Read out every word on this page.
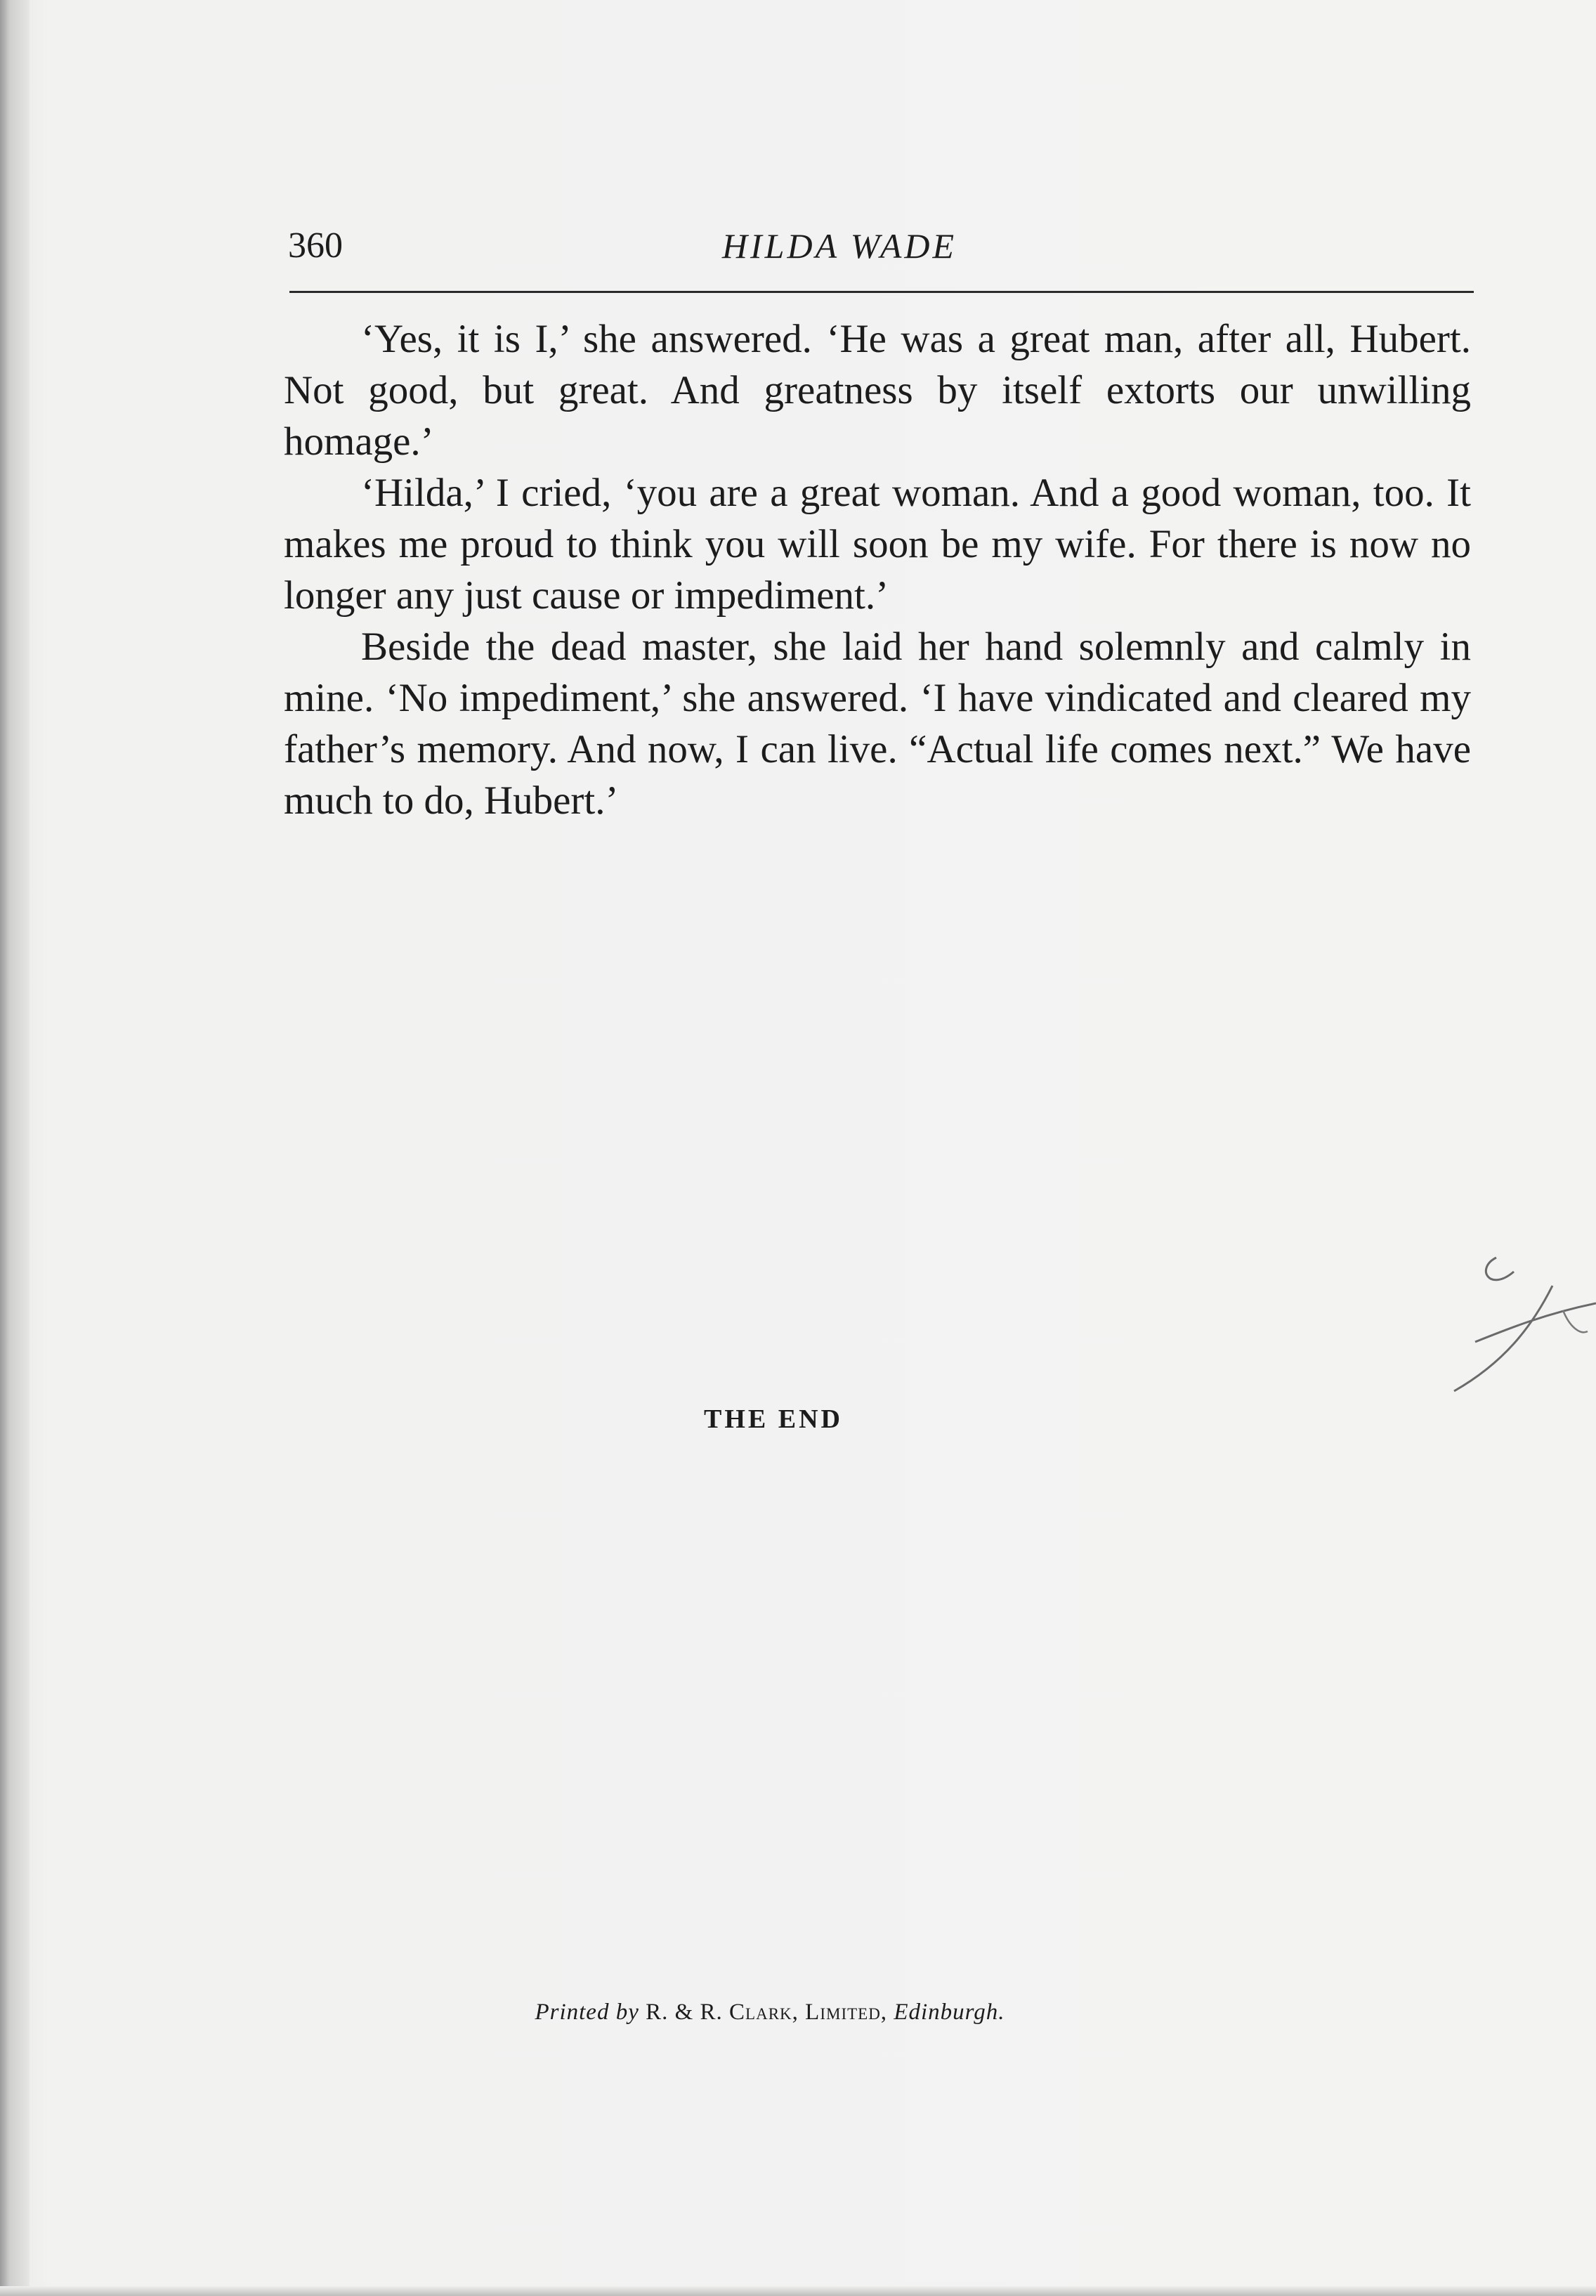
360	HILDA WADE

‘Yes, it is I,’ she answered. ‘He was a great man, after all, Hubert. Not good, but great. And greatness by itself extorts our unwilling homage.’

‘Hilda,’ I cried, ‘you are a great woman. And a good woman, too. It makes me proud to think you will soon be my wife. For there is now no longer any just cause or impediment.’

Beside the dead master, she laid her hand solemnly and calmly in mine. ‘No impediment,’ she answered. ‘I have vindicated and cleared my father’s memory. And now, I can live. “Actual life comes next.” We have much to do, Hubert.’

THE END
Printed by R. & R. Clark, Limited, Edinburgh.
